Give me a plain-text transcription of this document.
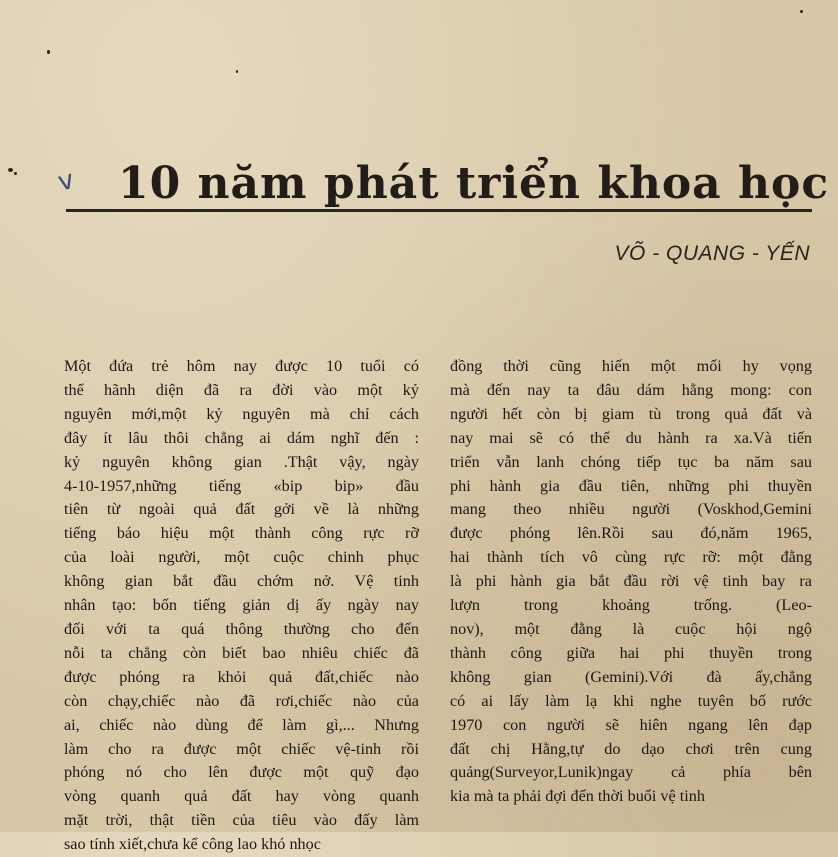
v 10 năm phát triển khoa học

VÕ - QUANG - YẾN

Một đứa trẻ hôm nay được 10 tuổi có
thể hãnh diện đã ra đời vào một kỷ
nguyên mới,một kỷ nguyên mà chỉ cách
đây ít lâu thôi chẳng ai dám nghĩ đến :
kỷ nguyên không gian .Thật vậy, ngày
4-10-1957,những tiếng «bip bip» đầu
tiên từ ngoài quả đất gởi về là những
tiếng báo hiệu một thành công rực rỡ
của loài người, một cuộc chinh phục
không gian bắt đầu chớm nở. Vệ tinh
nhân tạo: bốn tiếng giản dị ấy ngày nay
đối với ta quá thông thường cho đến
nỗi ta chẳng còn biết bao nhiêu chiếc đã
được phóng ra khỏi quả đất,chiếc nào
còn chạy,chiếc nào đã rơi,chiếc nào của
ai, chiếc nào dùng để làm gì,... Nhưng
làm cho ra được một chiếc vệ-tinh rồi
phóng nó cho lên được một quỹ đạo
vòng quanh quả đất hay vòng quanh
mặt trời, thật tiền của tiêu vào đấy làm
sao tính xiết,chưa kể công lao khó nhọc
đồng thời cũng hiến một mối hy vọng
mà đến nay ta đâu dám hằng mong: con
người hết còn bị giam tù trong quả đất và
nay mai sẽ có thể du hành ra xa.Và tiến
triển vẫn lanh chóng tiếp tục ba năm sau
phi hành gia đầu tiên, những phi thuyền
mang theo nhiều người (Voskhod,Gemini
được phóng lên.Rồi sau đó,năm 1965,
hai thành tích vô cùng rực rỡ: một đằng
là phi hành gia bắt đầu rời vệ tinh bay ra
lượn trong khoảng trống. (Leo-
nov), một đằng là cuộc hội ngộ
thành công giữa hai phi thuyền trong
không gian (Gemini).Với đà ấy,chẳng
có ai lấy làm lạ khi nghe tuyên bố rước
1970 con người sẽ hiên ngang lên đạp
đất chị Hằng,tự do dạo chơi trên cung
quảng(Surveyor,Lunik)ngay cả phía bên
kia mà ta phải đợi đến thời buổi vệ tinh
